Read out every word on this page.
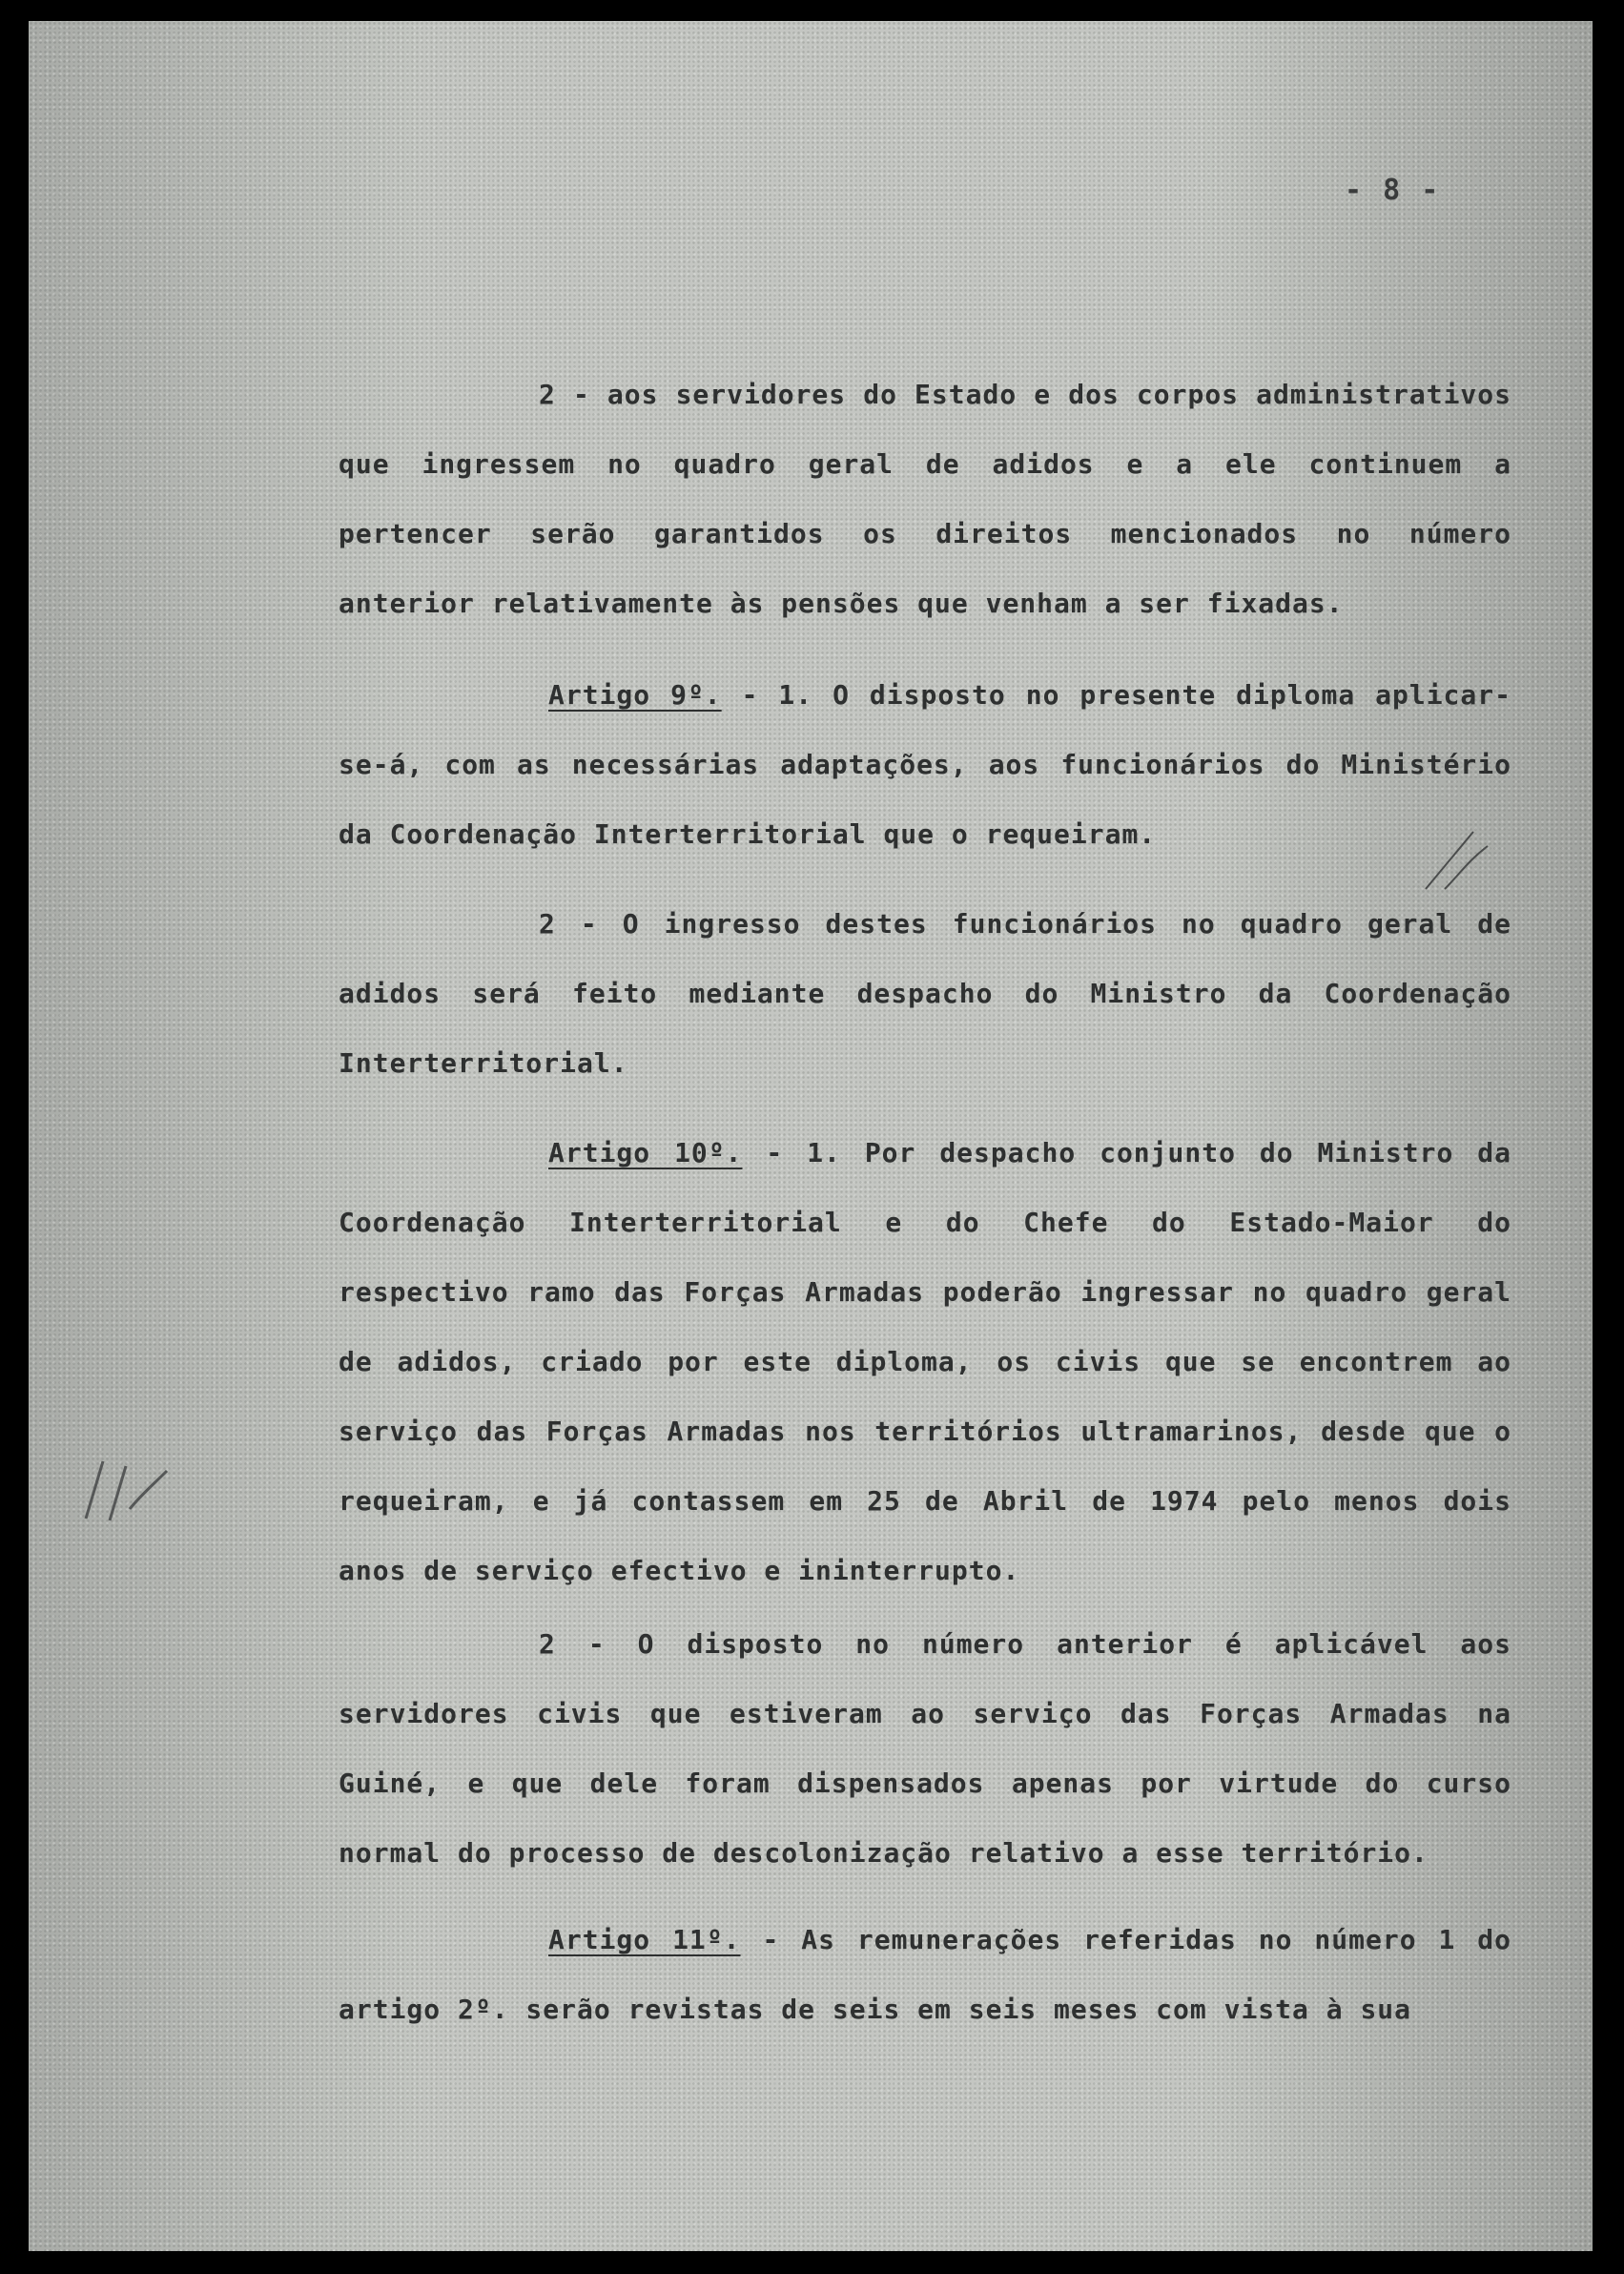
- 8 -

2 - aos servidores do Estado e dos corpos administrativos que ingressem no quadro geral de adidos e a ele continuem a pertencer serão garantidos os direitos mencionados no número anterior relativamente às pensões que venham a ser fixadas.

Artigo 9º. - 1. O disposto no presente diploma aplicar-se-á, com as necessárias adaptações, aos funcionários do Ministério da Coordenação Interterritorial que o requeiram.

2 - O ingresso destes funcionários no quadro geral de adidos será feito mediante despacho do Ministro da Coordenação Interterritorial.

Artigo 10º. - 1. Por despacho conjunto do Ministro da Coordenação Interterritorial e do Chefe do Estado-Maior do respectivo ramo das Forças Armadas poderão ingressar no quadro geral de adidos, criado por este diploma, os civis que se encontrem ao serviço das Forças Armadas nos territórios ultramarinos, desde que o requeiram, e já contassem em 25 de Abril de 1974 pelo menos dois anos de serviço efectivo e ininterrupto.

2 - O disposto no número anterior é aplicável aos servidores civis que estiveram ao serviço das Forças Armadas na Guiné, e que dele foram dispensados apenas por virtude do curso normal do processo de descolonização relativo a esse território.

Artigo 11º. - As remunerações referidas no número 1 do artigo 2º. serão revistas de seis em seis meses com vista à sua
